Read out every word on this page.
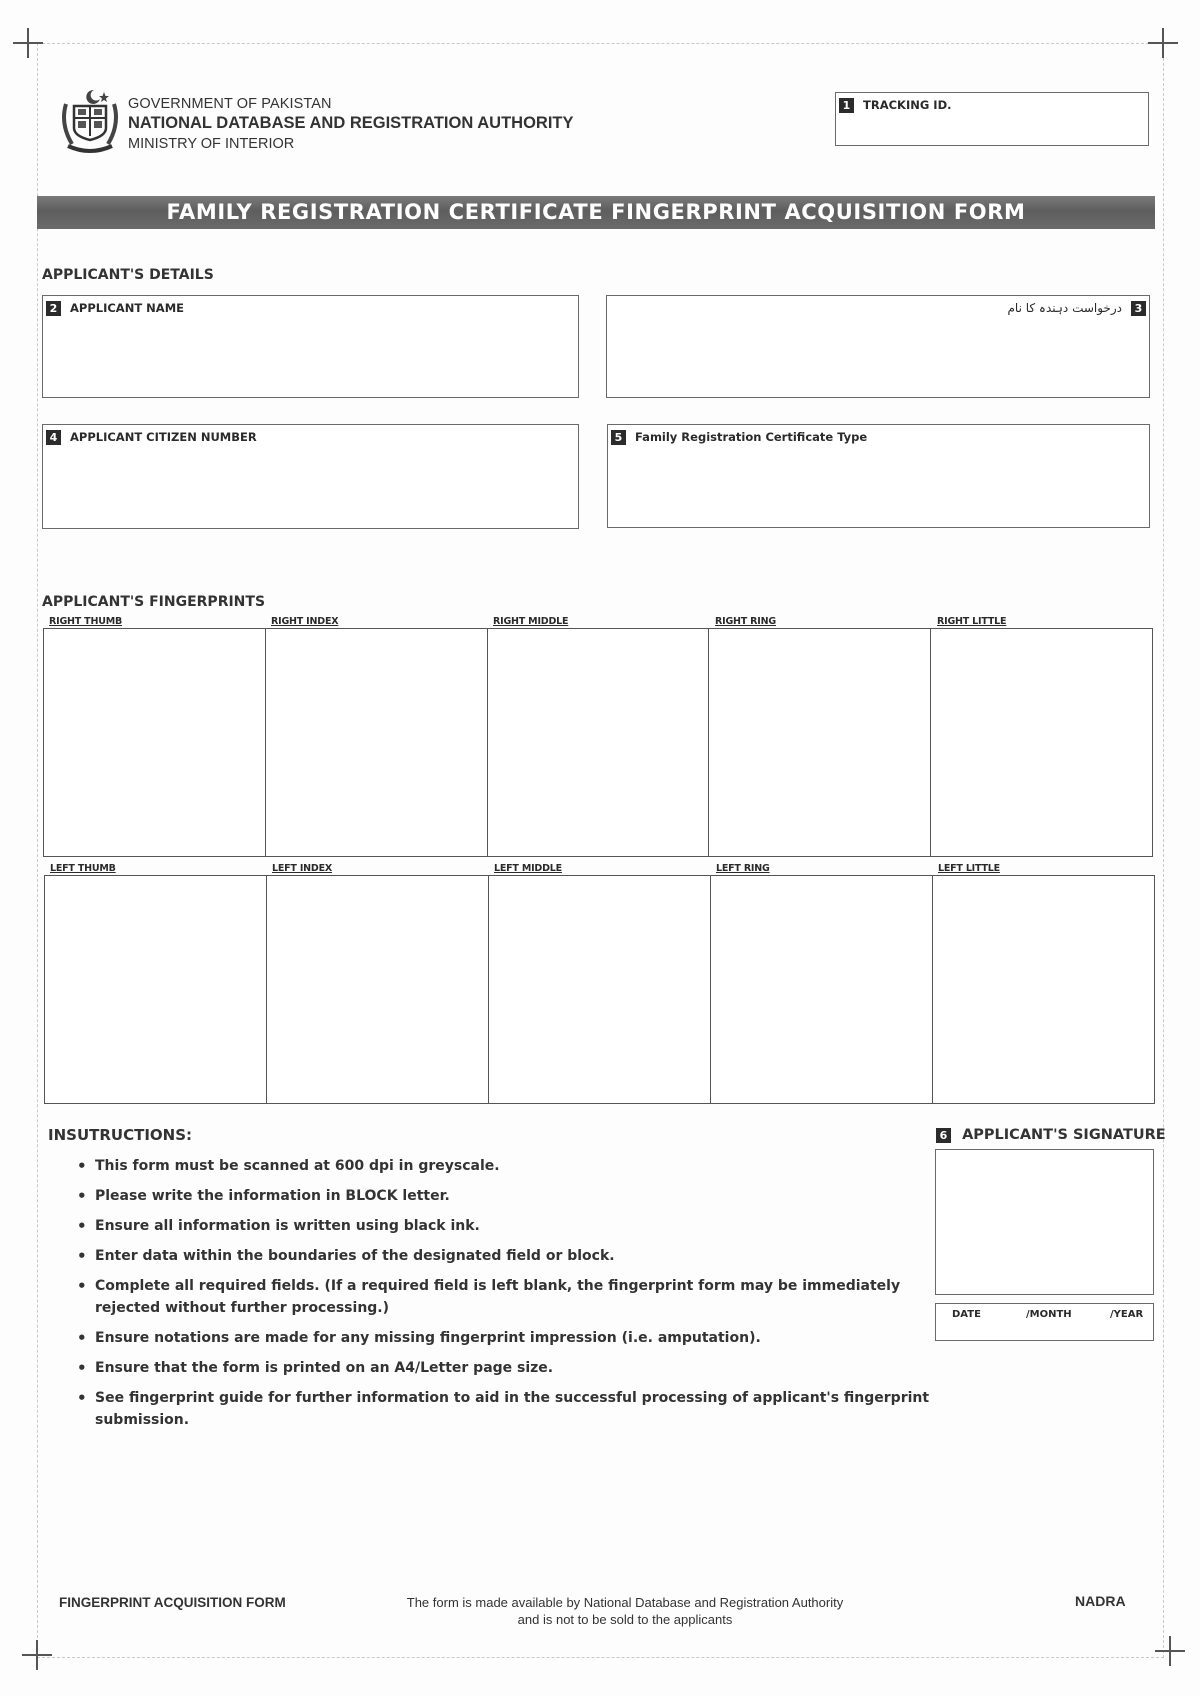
GOVERNMENT OF PAKISTAN
NATIONAL DATABASE AND REGISTRATION AUTHORITY
MINISTRY OF INTERIOR
1 TRACKING ID.
FAMILY REGISTRATION CERTIFICATE FINGERPRINT ACQUISITION FORM
APPLICANT'S DETAILS
2 APPLICANT NAME	3درخواست دہندہ کا نام
4 APPLICANT CITIZEN NUMBER	5 Family Registration Certificate Type
APPLICANT'S FINGERPRINTS
RIGHT THUMB	RIGHT INDEX	RIGHT MIDDLE	RIGHT RING	RIGHT LITTLE
LEFT THUMB	LEFT INDEX	LEFT MIDDLE	LEFT RING	LEFT LITTLE
INSUTRUCTIONS:
• This form must be scanned at 600 dpi in greyscale.
• Please write the information in BLOCK letter.
• Ensure all information is written using black ink.
• Enter data within the boundaries of the designated field or block.
• Complete all required fields. (If a required field is left blank, the fingerprint form may be immediately rejected without further processing.)
• Ensure notations are made for any missing fingerprint impression (i.e. amputation).
• Ensure that the form is printed on an A4/Letter page size.
• See fingerprint guide for further information to aid in the successful processing of applicant's fingerprint submission.
6 APPLICANT'S SIGNATURE
DATE	/MONTH	/YEAR
FINGERPRINT ACQUISITION FORM	The form is made available by National Database and Registration Authority
and is not to be sold to the applicants
NADRA
